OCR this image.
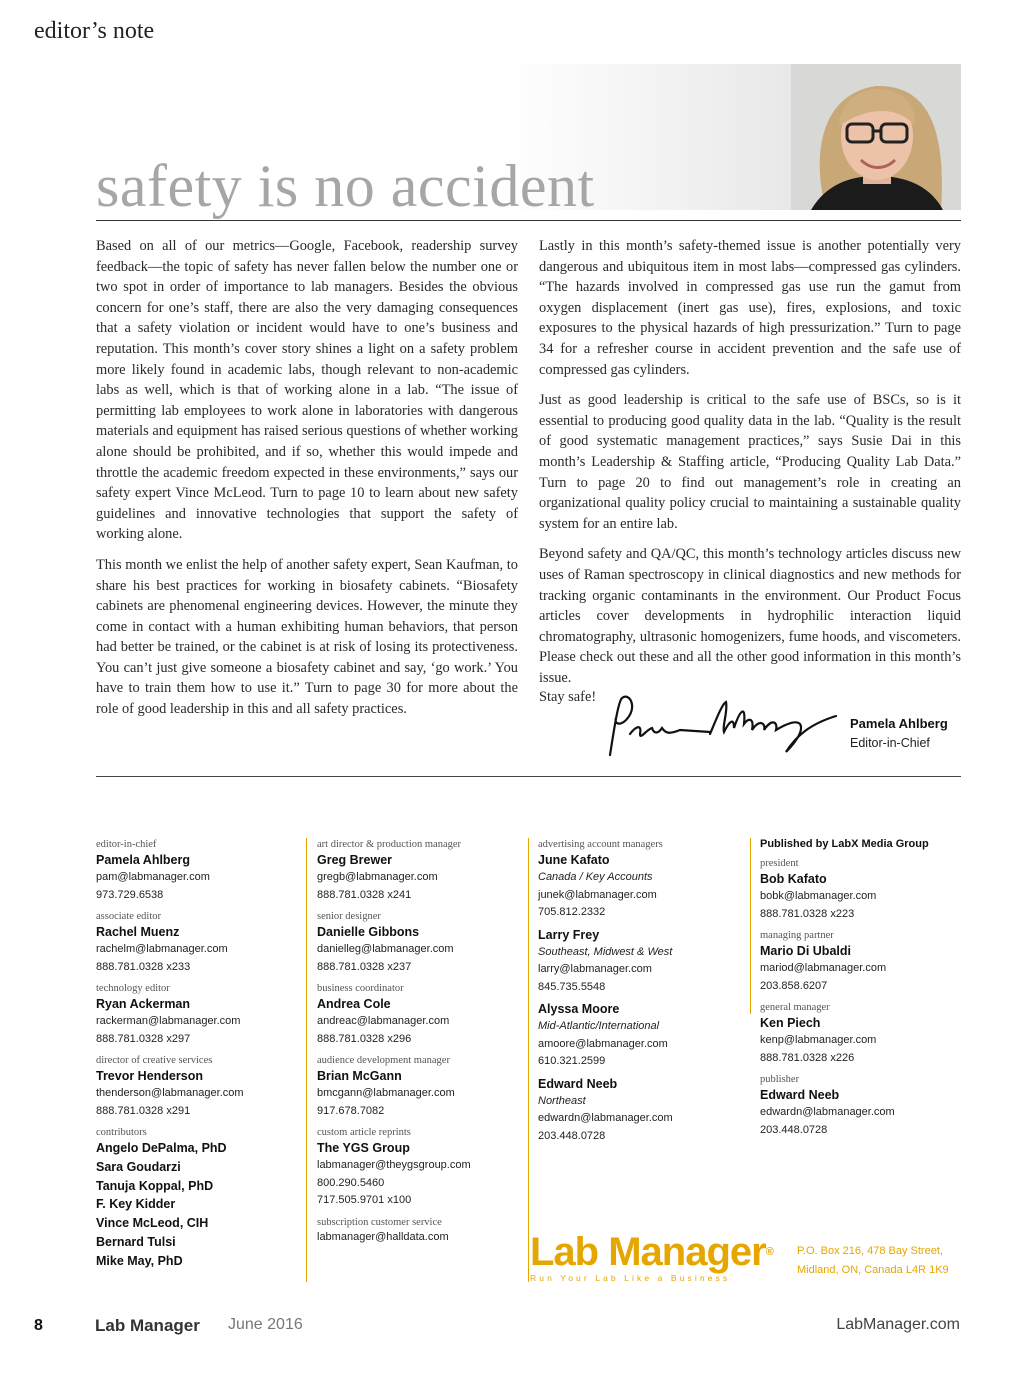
editor’s note
safety is no accident

Based on all of our metrics—Google, Facebook, readership survey feedback—the topic of safety has never fallen below the number one or two spot in order of importance to lab managers. Besides the obvious concern for one’s staff, there are also the very damaging consequences that a safety violation or incident would have to one’s business and reputation. This month’s cover story shines a light on a safety problem more likely found in academic labs, though relevant to non-academic labs as well, which is that of working alone in a lab. “The issue of permitting lab employees to work alone in laboratories with dangerous materials and equipment has raised serious questions of whether working alone should be prohibited, and if so, whether this would impede and throttle the academic freedom expected in these environments,” says our safety expert Vince McLeod. Turn to page 10 to learn about new safety guidelines and innovative technologies that support the safety of working alone.

This month we enlist the help of another safety expert, Sean Kaufman, to share his best practices for working in biosafety cabinets. “Biosafety cabinets are phenomenal engineering devices. However, the minute they come in contact with a human exhibiting human behaviors, that person had better be trained, or the cabinet is at risk of losing its protectiveness. You can’t just give someone a biosafety cabinet and say, ‘go work.’ You have to train them how to use it.” Turn to page 30 for more about the role of good leadership in this and all safety practices.

Lastly in this month’s safety-themed issue is another potentially very dangerous and ubiquitous item in most labs—compressed gas cylinders. “The hazards involved in compressed gas use run the gamut from oxygen displacement (inert gas use), fires, explosions, and toxic exposures to the physical hazards of high pressurization.” Turn to page 34 for a refresher course in accident prevention and the safe use of compressed gas cylinders.

Just as good leadership is critical to the safe use of BSCs, so is it essential to producing good quality data in the lab. “Quality is the result of good systematic management practices,” says Susie Dai in this month’s Leadership & Staffing article, “Producing Quality Lab Data.” Turn to page 20 to find out management’s role in creating an organizational quality policy crucial to maintaining a sustainable quality system for an entire lab.

Beyond safety and QA/QC, this month’s technology articles discuss new uses of Raman spectroscopy in clinical diagnostics and new methods for tracking organic contaminants in the environment. Our Product Focus articles cover developments in hydrophilic interaction liquid chromatography, ultrasonic homogenizers, fume hoods, and viscometers. Please check out these and all the other good information in this month’s issue.

Stay safe!
Pamela Ahlberg
Editor-in-Chief
editor-in-chief
Pamela Ahlberg
pam@labmanager.com
973.729.6538
associate editor
Rachel Muenz
rachelm@labmanager.com
888.781.0328 x233
technology editor
Ryan Ackerman
rackerman@labmanager.com
888.781.0328 x297
director of creative services
Trevor Henderson
thenderson@labmanager.com
888.781.0328 x291
contributors
Angelo DePalma, PhD
Sara Goudarzi
Tanuja Koppal, PhD
F. Key Kidder
Vince McLeod, CIH
Bernard Tulsi
Mike May, PhD
art director & production manager
Greg Brewer
gregb@labmanager.com
888.781.0328 x241
senior designer
Danielle Gibbons
danielleg@labmanager.com
888.781.0328 x237
business coordinator
Andrea Cole
andreac@labmanager.com
888.781.0328 x296
audience development manager
Brian McGann
bmcgann@labmanager.com
917.678.7082
custom article reprints
The YGS Group
labmanager@theygsgroup.com
800.290.5460
717.505.9701 x100
subscription customer service
labmanager@halldata.com
advertising account managers
June Kafato
Canada / Key Accounts
junek@labmanager.com
705.812.2332
Larry Frey
Southeast, Midwest & West
larry@labmanager.com
845.735.5548
Alyssa Moore
Mid-Atlantic/International
amoore@labmanager.com
610.321.2599
Edward Neeb
Northeast
edwardn@labmanager.com
203.448.0728
Published by LabX Media Group
president
Bob Kafato
bobk@labmanager.com
888.781.0328 x223
managing partner
Mario Di Ubaldi
mariod@labmanager.com
203.858.6207
general manager
Ken Piech
kenp@labmanager.com
888.781.0328 x226
publisher
Edward Neeb
edwardn@labmanager.com
203.448.0728
Lab Manager®
Run Your Lab Like a Business
P.O. Box 216, 478 Bay Street,
Midland, ON, Canada L4R 1K9
8	Lab Manager June 2016	LabManager.com
